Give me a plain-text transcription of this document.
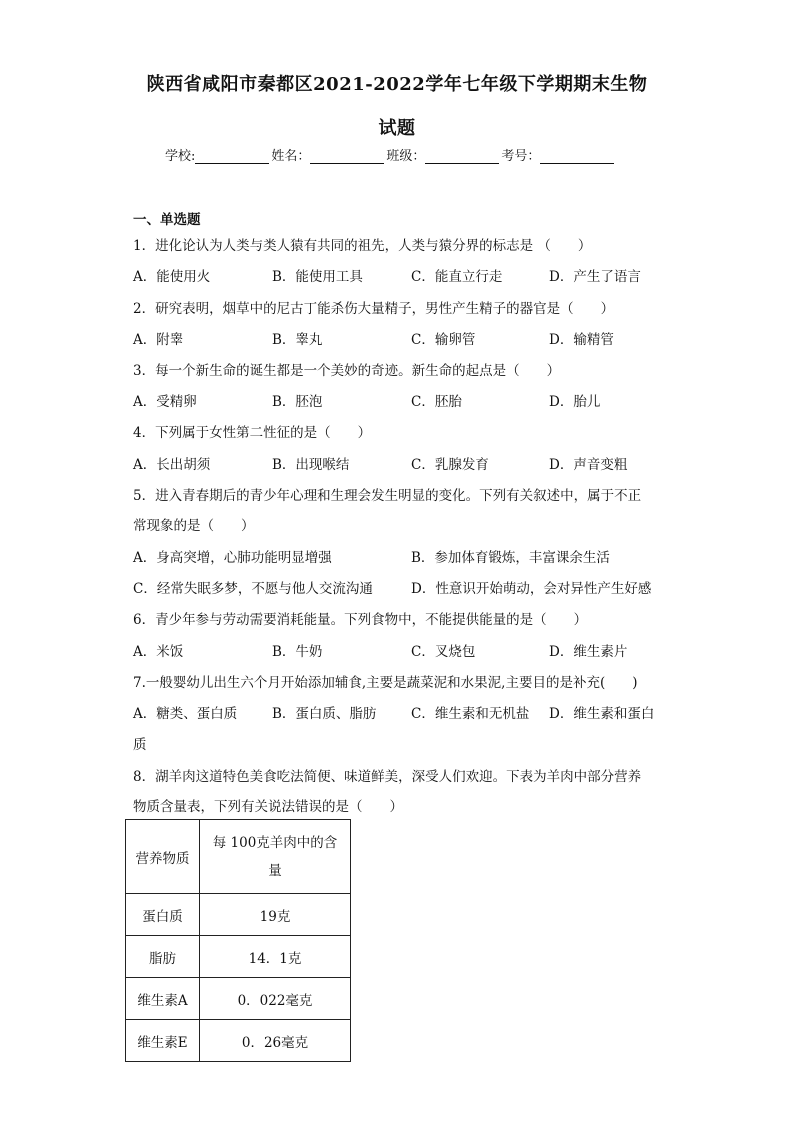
陕西省咸阳市秦都区2021-2022学年七年级下学期期末生物
试题
学校:	姓名：	班级：	考号：
一、单选题
1．进化论认为人类与类人猿有共同的祖先，人类与猿分界的标志是 （　　）
A．能使用火	B．能使用工具	C．能直立行走	D．产生了语言
2．研究表明，烟草中的尼古丁能杀伤大量精子，男性产生精子的器官是（　　）
A．附睾	B．睾丸	C．输卵管	D．输精管
3．每一个新生命的诞生都是一个美妙的奇迹。新生命的起点是（　　）
A．受精卵	B．胚泡	C．胚胎	D．胎儿
4．下列属于女性第二性征的是（　　）
A．长出胡须	B．出现喉结	C．乳腺发育	D．声音变粗
5．进入青春期后的青少年心理和生理会发生明显的变化。下列有关叙述中，属于不正
常现象的是（　　）
A．身高突增，心肺功能明显增强	B．参加体育锻炼，丰富课余生活
C．经常失眠多梦，不愿与他人交流沟通	D．性意识开始萌动，会对异性产生好感
6．青少年参与劳动需要消耗能量。下列食物中，不能提供能量的是（　　）
A．米饭	B．牛奶	C．叉烧包	D．维生素片
7.一般婴幼儿出生六个月开始添加辅食,主要是蔬菜泥和水果泥,主要目的是补充(　　)
A．糖类、蛋白质	B．蛋白质、脂肪	C．维生素和无机盐 D．维生素和蛋白
质
8．湖羊肉这道特色美食吃法简便、味道鲜美，深受人们欢迎。下表为羊肉中部分营养
物质含量表，下列有关说法错误的是（　　）
营养物质	每 100克羊肉中的含
量

蛋白质	19克
脂肪	14．1克
维生素A	0．022毫克
维生素E	0．26毫克
